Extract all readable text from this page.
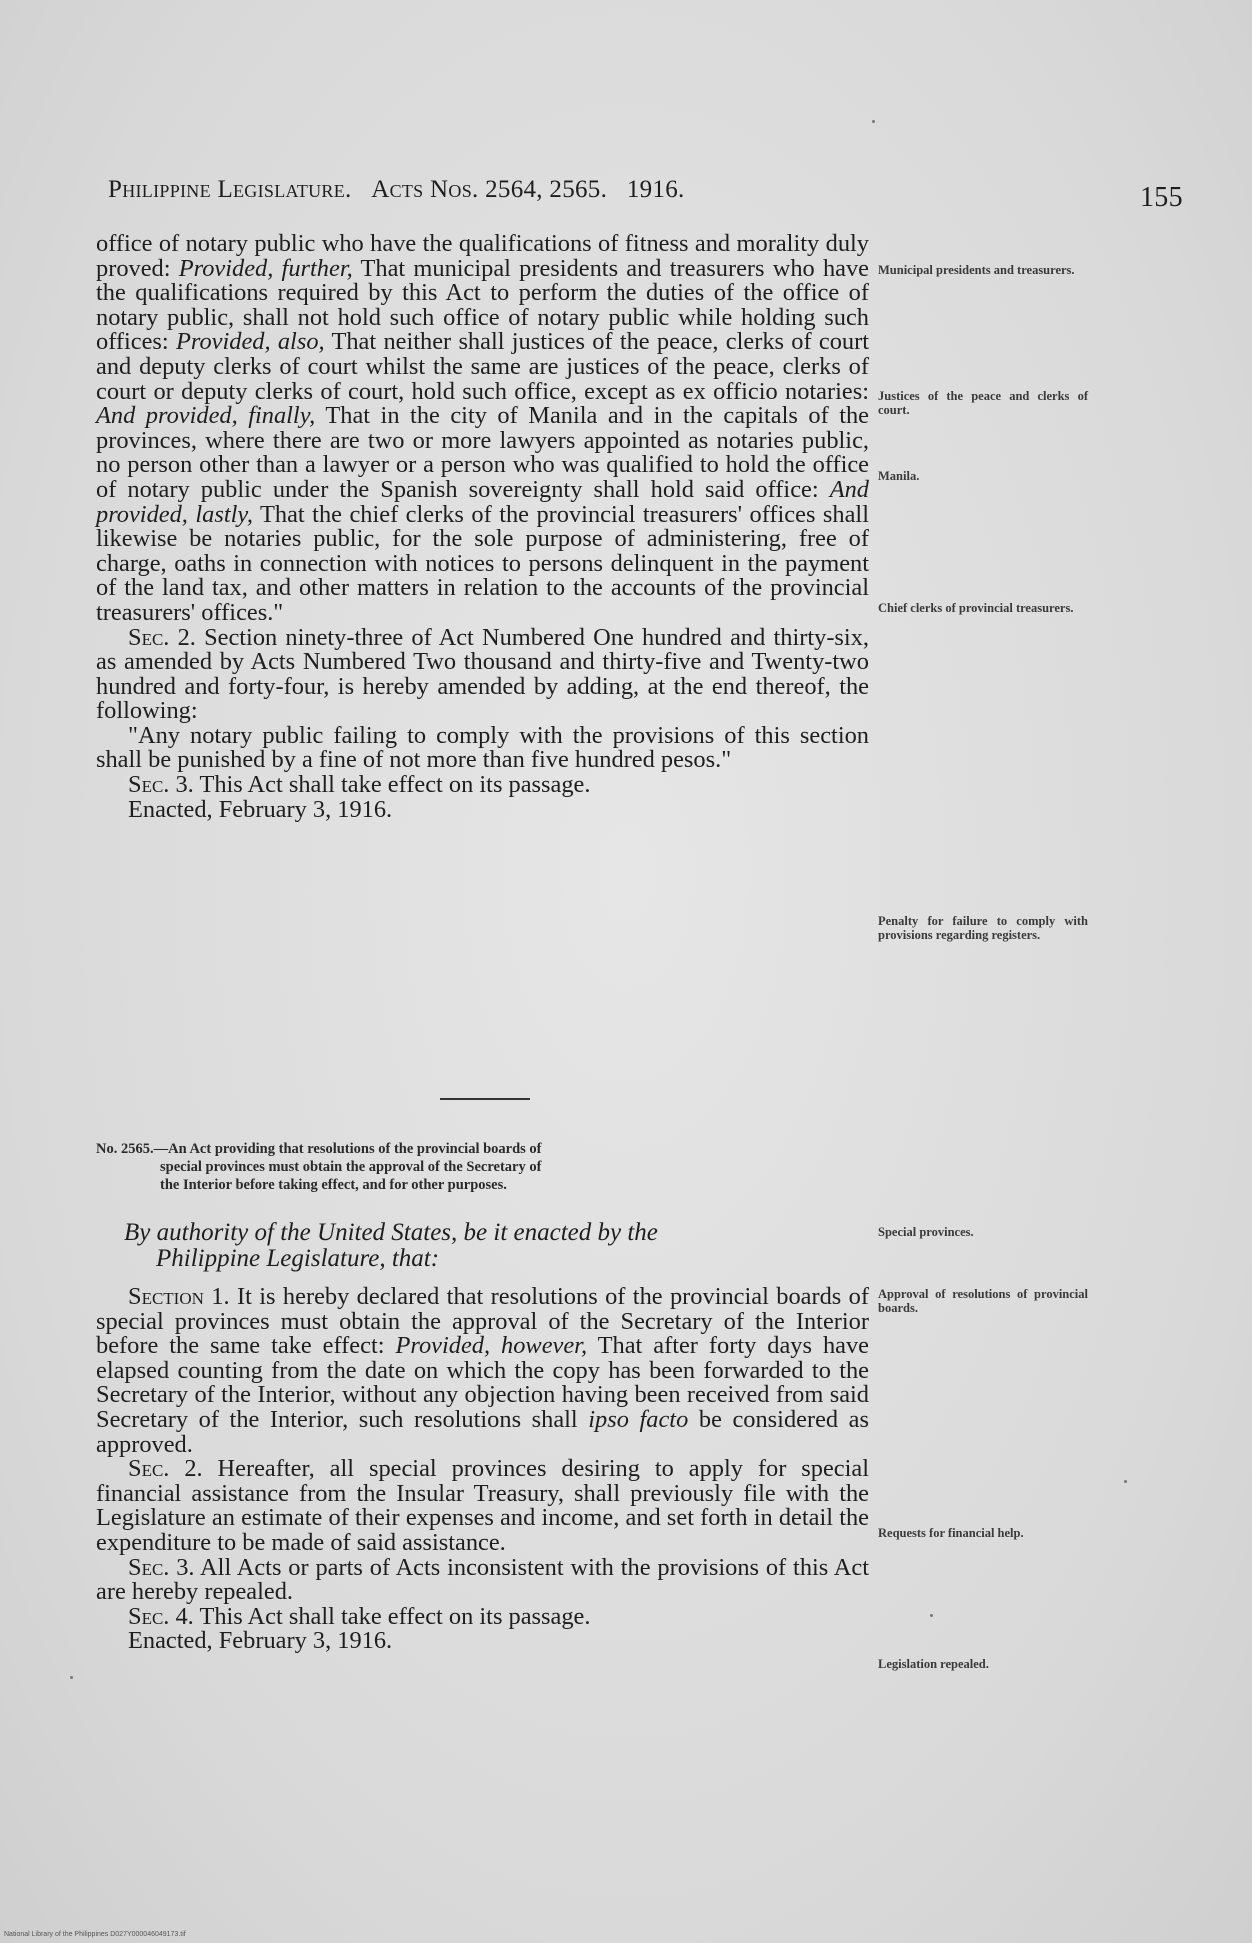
Philippine Legislature. Acts Nos. 2564, 2565. 1916.	155

office of notary public who have the qualifications of fitness and morality duly proved: Provided, further, That municipal presidents and treasurers who have the qualifications required by this Act to perform the duties of the office of notary public, shall not hold such office of notary public while holding such offices: Provided, also, That neither shall justices of the peace, clerks of court and deputy clerks of court whilst the same are justices of the peace, clerks of court or deputy clerks of court, hold such office, except as ex officio notaries: And provided, finally, That in the city of Manila and in the capitals of the provinces, where there are two or more lawyers appointed as notaries public, no person other than a lawyer or a person who was qualified to hold the office of notary public under the Spanish sovereignty shall hold said office: And provided, lastly, That the chief clerks of the provincial treasurers' offices shall likewise be notaries public, for the sole purpose of administering, free of charge, oaths in connection with notices to persons delinquent in the payment of the land tax, and other matters in relation to the accounts of the provincial treasurers' offices."

Sec. 2. Section ninety-three of Act Numbered One hundred and thirty-six, as amended by Acts Numbered Two thousand and thirty-five and Twenty-two hundred and forty-four, is hereby amended by adding, at the end thereof, the following:

"Any notary public failing to comply with the provisions of this section shall be punished by a fine of not more than five hundred pesos."

Sec. 3. This Act shall take effect on its passage.

Enacted, February 3, 1916.

No. 2565.—An Act providing that resolutions of the provincial boards of
special provinces must obtain the approval of the Secretary of
the Interior before taking effect, and for other purposes.
By authority of the United States, be it enacted by the
Philippine Legislature, that:

Section 1. It is hereby declared that resolutions of the provincial boards of special provinces must obtain the approval of the Secretary of the Interior before the same take effect: Provided, however, That after forty days have elapsed counting from the date on which the copy has been forwarded to the Secretary of the Interior, without any objection having been received from said Secretary of the Interior, such resolutions shall ipso facto be considered as approved.

Sec. 2. Hereafter, all special provinces desiring to apply for special financial assistance from the Insular Treasury, shall previously file with the Legislature an estimate of their expenses and income, and set forth in detail the expenditure to be made of said assistance.

Sec. 3. All Acts or parts of Acts inconsistent with the provisions of this Act are hereby repealed.

Sec. 4. This Act shall take effect on its passage.

Enacted, February 3, 1916.

Municipal presidents and treasurers.
Justices of the peace and clerks of court.
Manila.
Chief clerks of provincial treasurers.
Penalty for failure to comply with provisions regarding registers.
Special provinces.
Approval of resolutions of provincial boards.
Requests for financial help.
Legislation repealed.
National Library of the Philippines D027Y000046049173.tif
